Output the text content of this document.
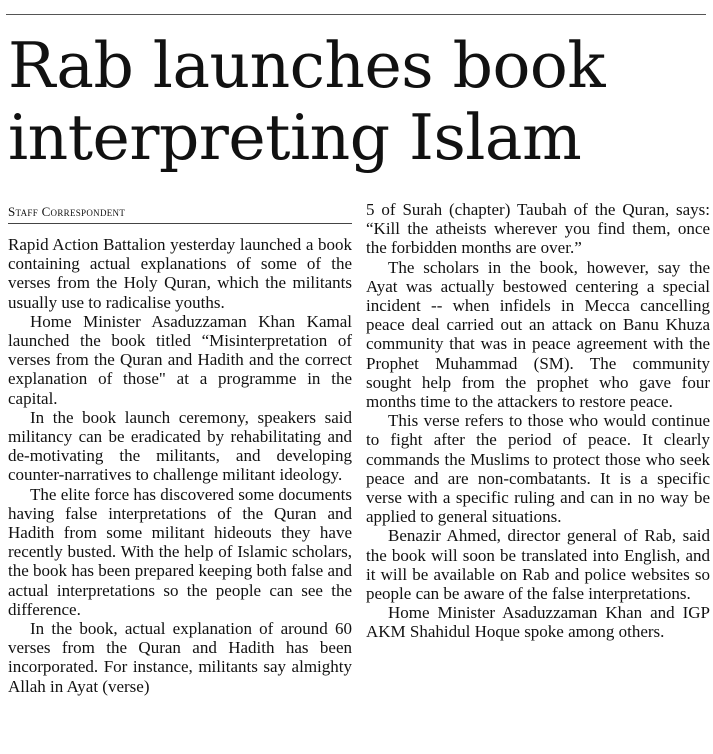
Rab launches book
interpreting Islam
Staff Correspondent

Rapid Action Battalion yesterday launched a book containing actual explanations of some of the verses from the Holy Quran, which the militants usually use to radicalise youths.

Home Minister Asaduzzaman Khan Kamal launched the book titled “Misinterpretation of verses from the Quran and Hadith and the correct explanation of those" at a programme in the capital.

In the book launch ceremony, speakers said militancy can be eradicated by rehabilitating and de-motivating the militants, and developing counter-narratives to challenge militant ideology.

The elite force has discovered some documents having false interpretations of the Quran and Hadith from some militant hideouts they have recently busted. With the help of Islamic scholars, the book has been prepared keeping both false and actual interpretations so the people can see the difference.

In the book, actual explanation of around 60 verses from the Quran and Hadith has been incorporated. For instance, militants say almighty Allah in Ayat (verse)

5 of Surah (chapter) Taubah of the Quran, says: “Kill the atheists wherever you find them, once the forbidden months are over.”

The scholars in the book, however, say the Ayat was actually bestowed centering a special incident -- when infidels in Mecca cancelling peace deal carried out an attack on Banu Khuza community that was in peace agreement with the Prophet Muhammad (SM). The community sought help from the prophet who gave four months time to the attackers to restore peace.

This verse refers to those who would continue to fight after the period of peace. It clearly commands the Muslims to protect those who seek peace and are non-combatants. It is a specific verse with a specific ruling and can in no way be applied to general situations.

Benazir Ahmed, director general of Rab, said the book will soon be translated into English, and it will be available on Rab and police websites so people can be aware of the false interpretations.

Home Minister Asaduzzaman Khan and IGP AKM Shahidul Hoque spoke among others.
